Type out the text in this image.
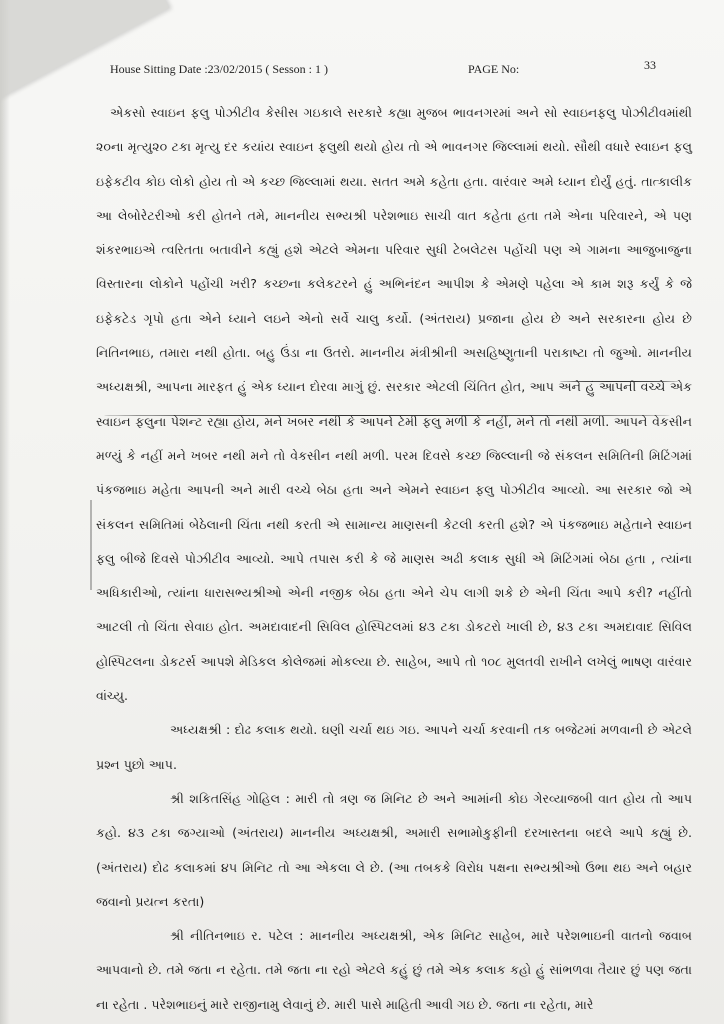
House Sitting Date :23/02/2015 ( Sesson : 1 )	PAGE No:	33

એકસો સ્વાઇન ફલુ પોઝીટીવ કેસીસ ગઇકાલે સરકારે કહ્યા મુજબ ભાવનગરમાં અને સો સ્વાઇનફલુ પોઝીટીવમાંથી ૨૦ના મૃત્યુ૨૦ ટકા મૃત્યુ દર કયાંય સ્વાઇન ફલુથી થયો હોય તો એ ભાવનગર જિલ્લામાં થયો. સૌથી વધારે સ્વાઇન ફલુ ઇફેકટીવ કોઇ લોકો હોય તો એ કચ્છ જિલ્લામાં થયા. સતત અમે કહેતા હતા. વારંવાર અમે ધ્યાન દોર્યું હતું. તાત્કાલીક આ લેબોરેટરીઓ કરી હોતને તમે, માનનીય સભ્યશ્રી પરેશભાઇ સાચી વાત કહેતા હતા તમે એના પરિવારને, એ પણ શંકરભાઇએ ત્વરિતતા બતાવીને કહ્યું હશે એટલે એમના પરિવાર સુધી ટેબલેટસ પહોંચી પણ એ ગામના આજુબાજુના વિસ્તારના લોકોને પહોંચી ખરી? કચ્છના કલેકટરને હું અભિનંદન આપીશ કે એમણે પહેલા એ કામ શરૂ કર્યું કે જે ઇફેકટેડ ગૃપો હતા એને ધ્યાને લઇને એનો સર્વે ચાલુ કર્યો. (અંતરાય) પ્રજાના હોય છે અને સરકારના હોય છે નિતિનભાઇ, તમારા નથી હોતા. બહુ ઉંડા ના ઉતરો. માનનીય મંત્રીશ્રીની અસહિષ્ણુતાની પરાકાષ્ટા તો જુઓ. માનનીય અધ્યક્ષશ્રી, આપના મારફત હું એક ધ્યાન દોરવા માગું છું. સરકાર એટલી ચિંતિત હોત, આપ અને હું આપની વચ્ચે એક સ્વાઇન ફલુના પેશન્ટ રહ્યા હોય, મને ખબર નથી કે આપને ટેમી ફલુ મળી કે નહીં, મને તો નથી મળી. આપને વેકસીન મળ્યું કે નહીં મને ખબર નથી મને તો વેકસીન નથી મળી. પરમ દિવસે કચ્છ જિલ્લાની જે સંકલન સમિતિની મિટિંગમાં પંકજભાઇ મહેતા આપની અને મારી વચ્ચે બેઠા હતા અને એમને સ્વાઇન ફલુ પોઝીટીવ આવ્યો. આ સરકાર જો એ સંકલન સમિતિમાં બેઠેલાની ચિંતા નથી કરતી એ સામાન્ય માણસની કેટલી કરતી હશે? એ પંકજભાઇ મહેતાને સ્વાઇન ફલુ બીજે દિવસે પોઝીટીવ આવ્યો. આપે તપાસ કરી કે જે માણસ અઢી કલાક સુધી એ મિટિંગમાં બેઠા હતા , ત્યાંના અધિકારીઓ, ત્યાંના ધારાસભ્યશ્રીઓ એની નજીક બેઠા હતા એને ચેપ લાગી શકે છે એની ચિંતા આપે કરી? નહીંતો આટલી તો ચિંતા સેવાઇ હોત. અમદાવાદની સિવિલ હોસ્પિટલમાં ૪૩ ટકા ડોકટરો ખાલી છે, ૪૩ ટકા અમદાવાદ સિવિલ હોસ્પિટલના ડોકટર્સ આપશે મેડિકલ કોલેજમાં મોકલ્યા છે. સાહેબ, આપે તો ૧૦૮ મુલતવી રાખીને લખેલું ભાષણ વારંવાર વાંચ્યુ.

અધ્યક્ષશ્રી : દોઢ કલાક થયો. ઘણી ચર્ચા થઇ ગઇ. આપને ચર્ચા કરવાની તક બજેટમાં મળવાની છે એટલે પ્રશ્ન પુછો આપ.

શ્રી શકિતસિંહ ગોહિલ : મારી તો ત્રણ જ મિનિટ છે અને આમાંની કોઇ ગેરવ્યાજબી વાત હોય તો આપ કહો. ૪૩ ટકા જગ્યાઓ (અંતરાય) માનનીય અધ્યક્ષશ્રી, અમારી સભામોકુફીની દરખાસ્તના બદલે આપે કહ્યું છે.(અંતરાય) દોઢ કલાકમાં ૪૫ મિનિટ તો આ એકલા લે છે. (આ તબકકે વિરોધ પક્ષના સભ્યશ્રીઓ ઉભા થઇ અને બહાર જવાનો પ્રયત્ન કરતા)

શ્રી નીતિનભાઇ ર. પટેલ : માનનીય અધ્યક્ષશ્રી, એક મિનિટ સાહેબ, મારે પરેશભાઇની વાતનો જવાબ આપવાનો છે. તમે જતા ન રહેતા. તમે જતા ના રહો એટલે કહું છું તમે એક કલાક કહો હું સાંભળવા તૈયાર છું પણ જતા ના રહેતા . પરેશભાઇનું મારે રાજીનામુ લેવાનું છે. મારી પાસે માહિતી આવી ગઇ છે. જતા ના રહેતા, મારે
